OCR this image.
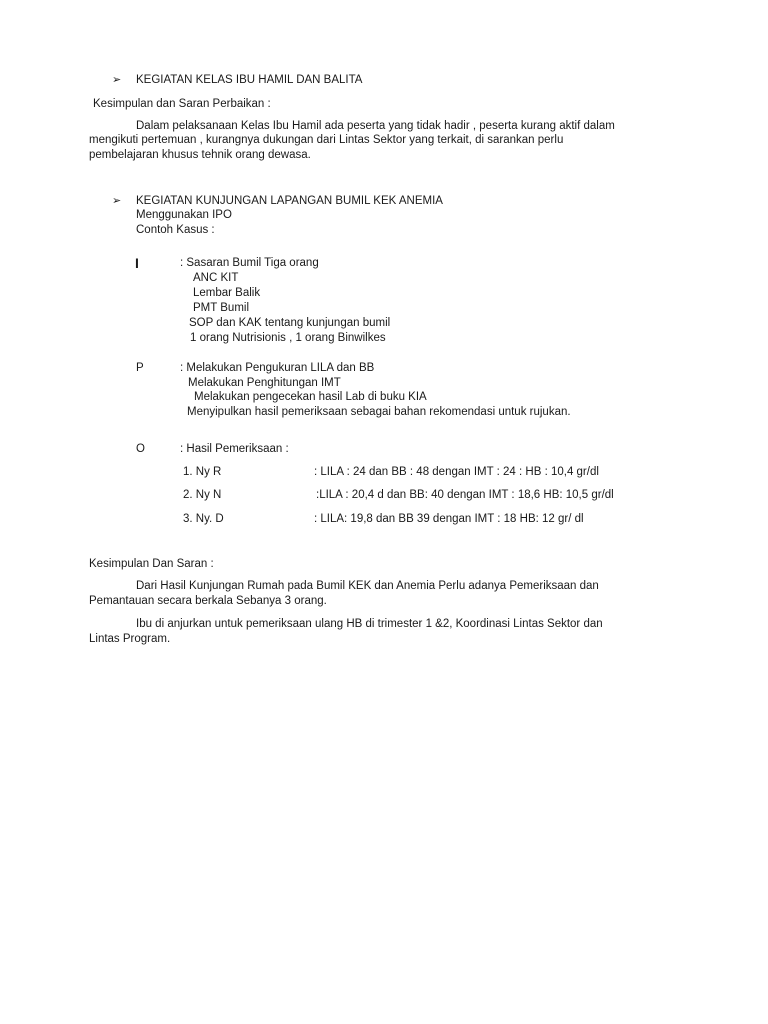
➢ KEGIATAN KELAS IBU HAMIL DAN BALITA
Kesimpulan dan Saran Perbaikan :
Dalam pelaksanaan Kelas Ibu Hamil ada peserta yang tidak hadir , peserta kurang aktif dalam
mengikuti pertemuan , kurangnya dukungan dari Lintas Sektor yang terkait, di sarankan perlu
pembelajaran khusus tehnik orang dewasa.
➢ KEGIATAN KUNJUNGAN LAPANGAN BUMIL KEK ANEMIA
Menggunakan IPO
Contoh Kasus :
I	: Sasaran Bumil Tiga orang
ANC KIT
Lembar Balik
PMT Bumil
SOP dan KAK tentang kunjungan bumil
1 orang Nutrisionis , 1 orang Binwilkes
P	: Melakukan Pengukuran LILA dan BB
Melakukan Penghitungan IMT
Melakukan pengecekan hasil Lab di buku KIA
Menyipulkan hasil pemeriksaan sebagai bahan rekomendasi untuk rujukan.
O	: Hasil Pemeriksaan :
1. Ny R	: LILA : 24 dan BB : 48 dengan IMT : 24 : HB : 10,4 gr/dl
2. Ny N	:LILA : 20,4 d dan BB: 40 dengan IMT : 18,6 HB: 10,5 gr/dl
3. Ny. D	: LILA: 19,8 dan BB 39 dengan IMT : 18 HB: 12 gr/ dl
Kesimpulan Dan Saran :
Dari Hasil Kunjungan Rumah pada Bumil KEK dan Anemia Perlu adanya Pemeriksaan dan
Pemantauan secara berkala Sebanya 3 orang.
Ibu di anjurkan untuk pemeriksaan ulang HB di trimester 1 &2, Koordinasi Lintas Sektor dan
Lintas Program.
